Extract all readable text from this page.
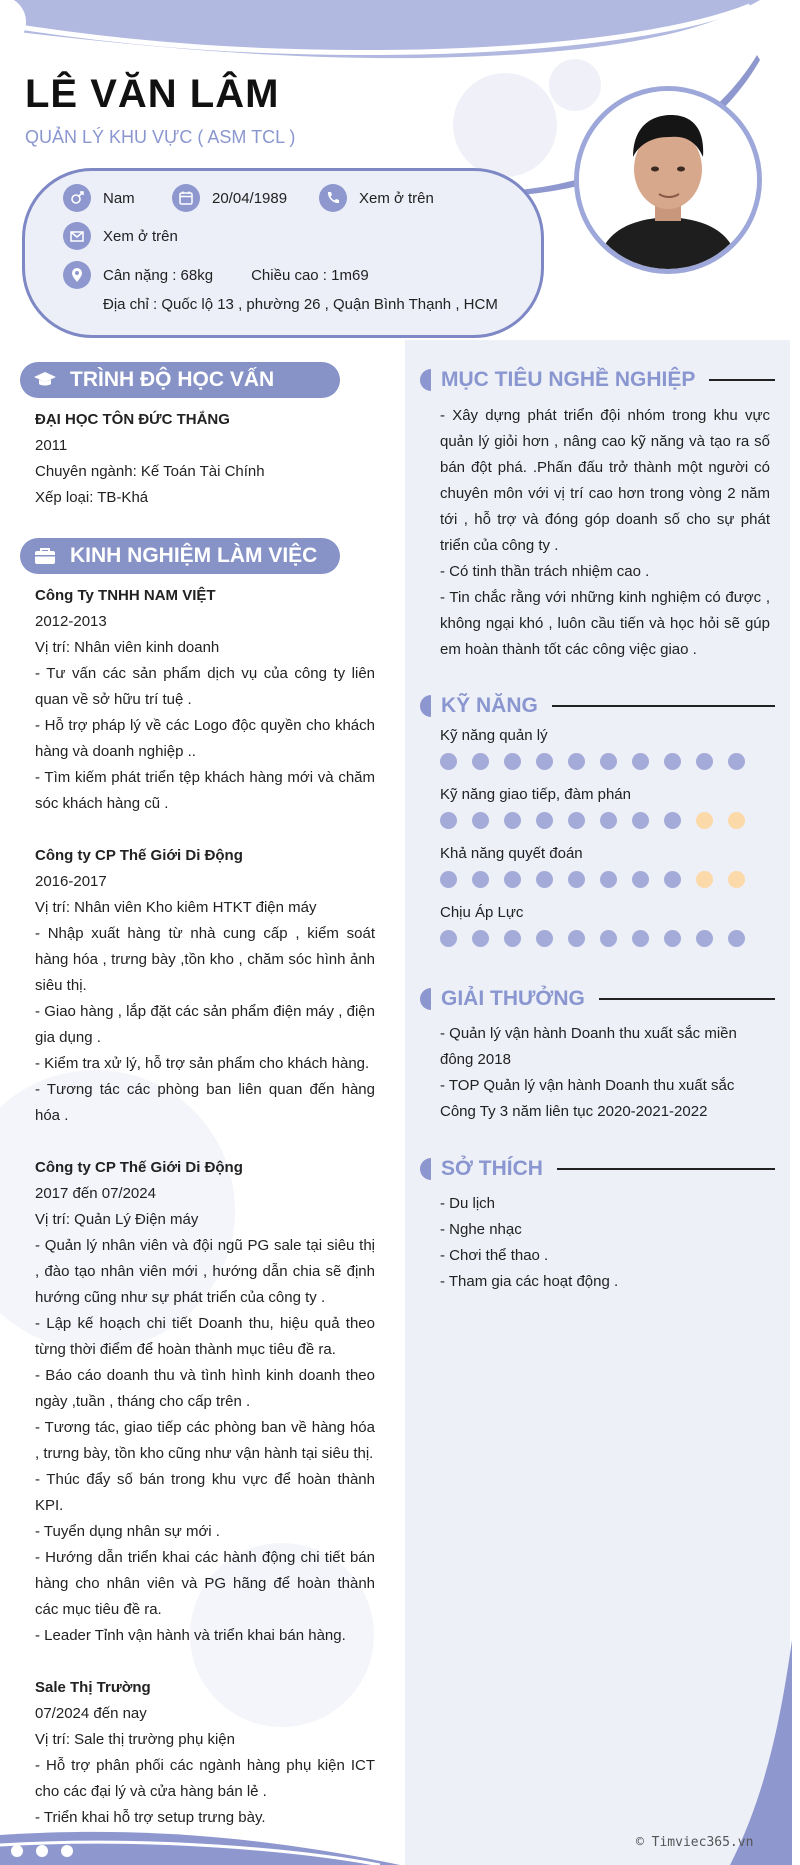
LÊ VĂN LÂM
QUẢN LÝ KHU VỰC ( ASM TCL )
Nam	20/04/1989	Xem ở trên
Xem ở trên
Cân nặng : 68kg	Chiều cao : 1m69
Địa chỉ : Quốc lộ 13 , phường 26 , Quận Bình Thạnh , HCM
TRÌNH ĐỘ HỌC VẤN
ĐẠI HỌC TÔN ĐỨC THẮNG
2011
Chuyên ngành: Kế Toán Tài Chính
Xếp loại: TB-Khá
KINH NGHIỆM LÀM VIỆC
Công Ty TNHH NAM VIỆT
2012-2013
Vị trí: Nhân viên kinh doanh
- Tư vấn các sản phẩm dịch vụ của công ty liên quan về sở hữu trí tuệ .
- Hỗ trợ pháp lý về các Logo độc quyền cho khách hàng và doanh nghiệp ..
- Tìm kiếm phát triển tệp khách hàng mới và chăm sóc khách hàng cũ .
Công ty CP Thế Giới Di Động
2016-2017
Vị trí: Nhân viên Kho kiêm HTKT điện máy
- Nhập xuất hàng từ nhà cung cấp , kiểm soát hàng hóa , trưng bày ,tồn kho , chăm sóc hình ảnh siêu thị.
- Giao hàng , lắp đặt các sản phẩm điện máy , điện gia dụng .
- Kiểm tra xử lý, hỗ trợ sản phẩm cho khách hàng.
- Tương tác các phòng ban liên quan đến hàng hóa .
Công ty CP Thế Giới Di Động
2017 đến 07/2024
Vị trí: Quản Lý Điện máy
- Quản lý nhân viên và đội ngũ PG sale tại siêu thị , đào tạo nhân viên mới , hướng dẫn chia sẽ định hướng cũng như sự phát triển của công ty .
- Lập kế hoạch chi tiết Doanh thu, hiệu quả theo từng thời điểm để hoàn thành mục tiêu đề ra.
- Báo cáo doanh thu và tình hình kinh doanh theo ngày ,tuần , tháng cho cấp trên .
- Tương tác, giao tiếp các phòng ban về hàng hóa , trưng bày, tồn kho cũng như vận hành tại siêu thị.
- Thúc đẩy số bán trong khu vực để hoàn thành KPI.
- Tuyển dụng nhân sự mới .
- Hướng dẫn triển khai các hành động chi tiết bán hàng cho nhân viên và PG hãng để hoàn thành các mục tiêu đề ra.
- Leader Tỉnh vận hành và triển khai bán hàng.
Sale Thị Trường
07/2024 đến nay
Vị trí: Sale thị trường phụ kiện
- Hỗ trợ phân phối các ngành hàng phụ kiện ICT cho các đại lý và cửa hàng bán lẻ .
- Triển khai hỗ trợ setup trưng bày.
MỤC TIÊU NGHỀ NGHIỆP
- Xây dựng phát triển đội nhóm trong khu vực quản lý giỏi hơn , nâng cao kỹ năng và tạo ra số bán đột phá. .Phấn đấu trở thành một người có chuyên môn với vị trí cao hơn trong vòng 2 năm tới , hỗ trợ và đóng góp doanh số cho sự phát triển của công ty .
- Có tinh thần trách nhiệm cao .
- Tin chắc rằng với những kinh nghiệm có được , không ngại khó , luôn cầu tiến và học hỏi sẽ gúp em hoàn thành tốt các công việc giao .
KỸ NĂNG
Kỹ năng quản lý
Kỹ năng giao tiếp, đàm phán
Khả năng quyết đoán
Chịu Áp Lực
GIẢI THƯỞNG
- Quản lý vận hành Doanh thu xuất sắc miền đông 2018
- TOP Quản lý vận hành Doanh thu xuất sắc Công Ty 3 năm liên tục 2020-2021-2022
SỞ THÍCH
- Du lịch
- Nghe nhạc
- Chơi thể thao .
- Tham gia các hoạt động .
© Timviec365.vn
